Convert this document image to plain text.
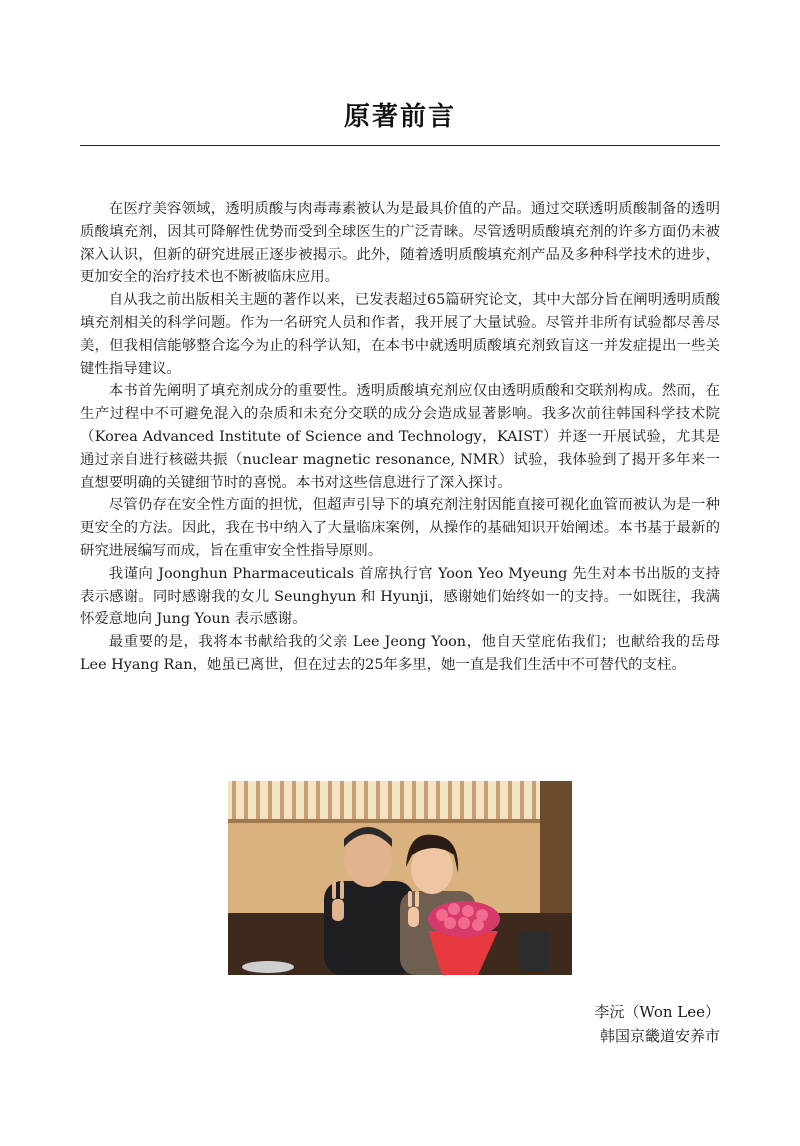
原著前言

在医疗美容领域，透明质酸与肉毒毒素被认为是最具价值的产品。通过交联透明质酸制备的透明质酸填充剂，因其可降解性优势而受到全球医生的广泛青睐。尽管透明质酸填充剂的许多方面仍未被深入认识，但新的研究进展正逐步被揭示。此外，随着透明质酸填充剂产品及多种科学技术的进步，更加安全的治疗技术也不断被临床应用。

自从我之前出版相关主题的著作以来，已发表超过65篇研究论文，其中大部分旨在阐明透明质酸填充剂相关的科学问题。作为一名研究人员和作者，我开展了大量试验。尽管并非所有试验都尽善尽美，但我相信能够整合迄今为止的科学认知，在本书中就透明质酸填充剂致盲这一并发症提出一些关键性指导建议。

本书首先阐明了填充剂成分的重要性。透明质酸填充剂应仅由透明质酸和交联剂构成。然而，在生产过程中不可避免混入的杂质和未充分交联的成分会造成显著影响。我多次前往韩国科学技术院（Korea Advanced Institute of Science and Technology，KAIST）并逐一开展试验，尤其是通过亲自进行核磁共振（nuclear magnetic resonance, NMR）试验，我体验到了揭开多年来一直想要明确的关键细节时的喜悦。本书对这些信息进行了深入探讨。

尽管仍存在安全性方面的担忧，但超声引导下的填充剂注射因能直接可视化血管而被认为是一种更安全的方法。因此，我在书中纳入了大量临床案例，从操作的基础知识开始阐述。本书基于最新的研究进展编写而成，旨在重审安全性指导原则。

我谨向 Joonghun Pharmaceuticals 首席执行官 Yoon Yeo Myeung 先生对本书出版的支持表示感谢。同时感谢我的女儿 Seunghyun 和 Hyunji，感谢她们始终如一的支持。一如既往，我满怀爱意地向 Jung Youn 表示感谢。

最重要的是，我将本书献给我的父亲 Lee Jeong Yoon，他自天堂庇佑我们；也献给我的岳母 Lee Hyang Ran，她虽已离世，但在过去的25年多里，她一直是我们生活中不可替代的支柱。

李沅（Won Lee）
韩国京畿道安养市
